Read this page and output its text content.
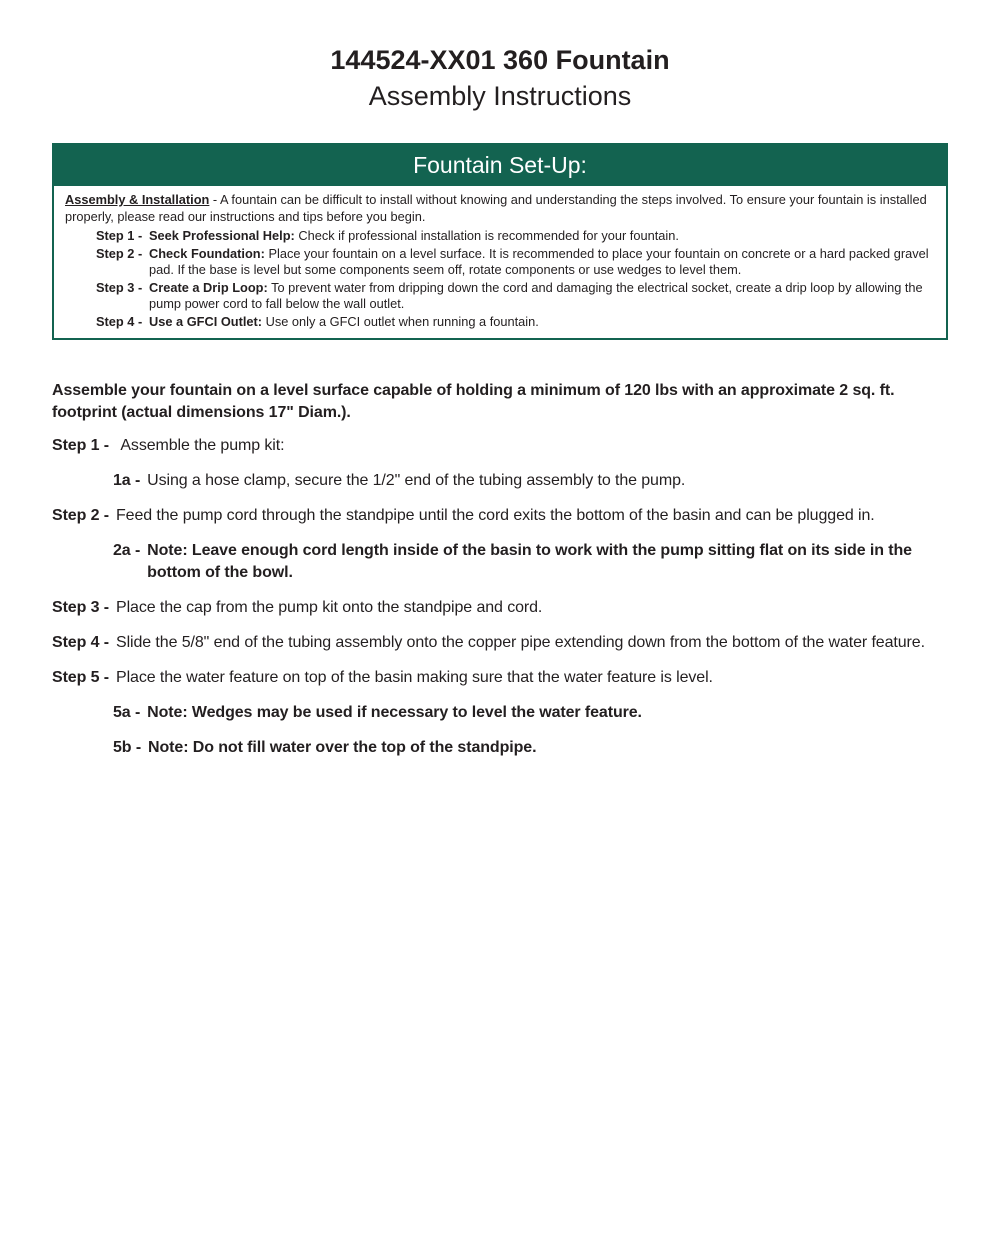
144524-XX01 360 Fountain
Assembly Instructions
Fountain Set-Up:
Assembly & Installation - A fountain can be difficult to install without knowing and understanding the steps involved. To ensure your fountain is installed properly, please read our instructions and tips before you begin.
Step 1 - Seek Professional Help: Check if professional installation is recommended for your fountain.
Step 2 - Check Foundation: Place your fountain on a level surface. It is recommended to place your fountain on concrete or a hard packed gravel pad. If the base is level but some components seem off, rotate components or use wedges to level them.
Step 3 - Create a Drip Loop: To prevent water from dripping down the cord and damaging the electrical socket, create a drip loop by allowing the pump power cord to fall below the wall outlet.
Step 4 - Use a GFCI Outlet: Use only a GFCI outlet when running a fountain.
Assemble your fountain on a level surface capable of holding a minimum of 120 lbs with an approximate 2 sq. ft. footprint (actual dimensions 17" Diam.).
Step 1 - Assemble the pump kit:
1a - Using a hose clamp, secure the 1/2" end of the tubing assembly to the pump.
Step 2 - Feed the pump cord through the standpipe until the cord exits the bottom of the basin and can be plugged in.
2a - Note: Leave enough cord length inside of the basin to work with the pump sitting flat on its side in the bottom of the bowl.
Step 3 - Place the cap from the pump kit onto the standpipe and cord.
Step 4 - Slide the 5/8" end of the tubing assembly onto the copper pipe extending down from the bottom of the water feature.
Step 5 - Place the water feature on top of the basin making sure that the water feature is level.
5a - Note: Wedges may be used if necessary to level the water feature.
5b - Note: Do not fill water over the top of the standpipe.
